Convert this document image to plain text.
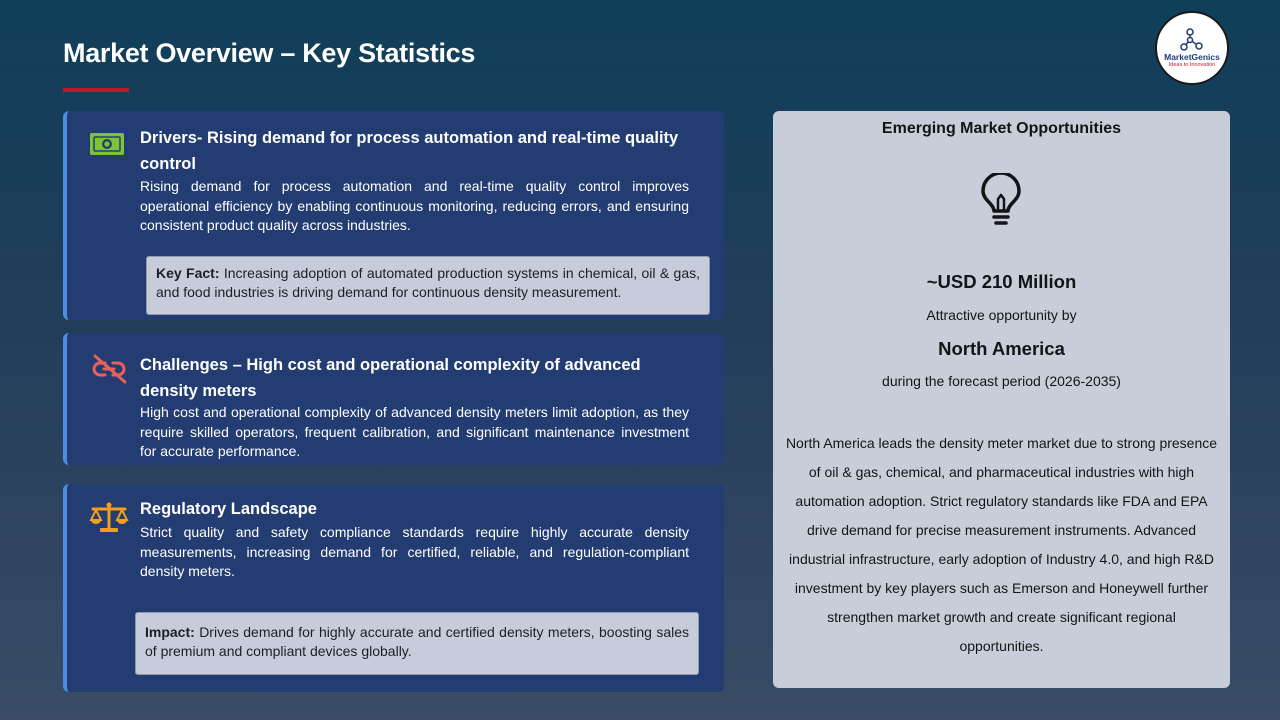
Market Overview – Key Statistics	MarketGenics
Ideas to Innovation
Drivers- Rising demand for process automation and real-time quality control
Rising demand for process automation and real-time quality control improves operational efficiency by enabling continuous monitoring, reducing errors, and ensuring consistent product quality across industries.
Key Fact: Increasing adoption of automated production systems in chemical, oil & gas, and food industries is driving demand for continuous density measurement.
Challenges – High cost and operational complexity of advanced density meters
High cost and operational complexity of advanced density meters limit adoption, as they require skilled operators, frequent calibration, and significant maintenance investment for accurate performance.
Regulatory Landscape
Strict quality and safety compliance standards require highly accurate density measurements, increasing demand for certified, reliable, and regulation-compliant density meters.
Impact: Drives demand for highly accurate and certified density meters, boosting sales of premium and compliant devices globally.
Emerging Market Opportunities
~USD 210 Million
Attractive opportunity by
North America
during the forecast period (2026-2035)
North America leads the density meter market due to strong presence of oil & gas, chemical, and pharmaceutical industries with high automation adoption. Strict regulatory standards like FDA and EPA drive demand for precise measurement instruments. Advanced industrial infrastructure, early adoption of Industry 4.0, and high R&D investment by key players such as Emerson and Honeywell further strengthen market growth and create significant regional opportunities.
